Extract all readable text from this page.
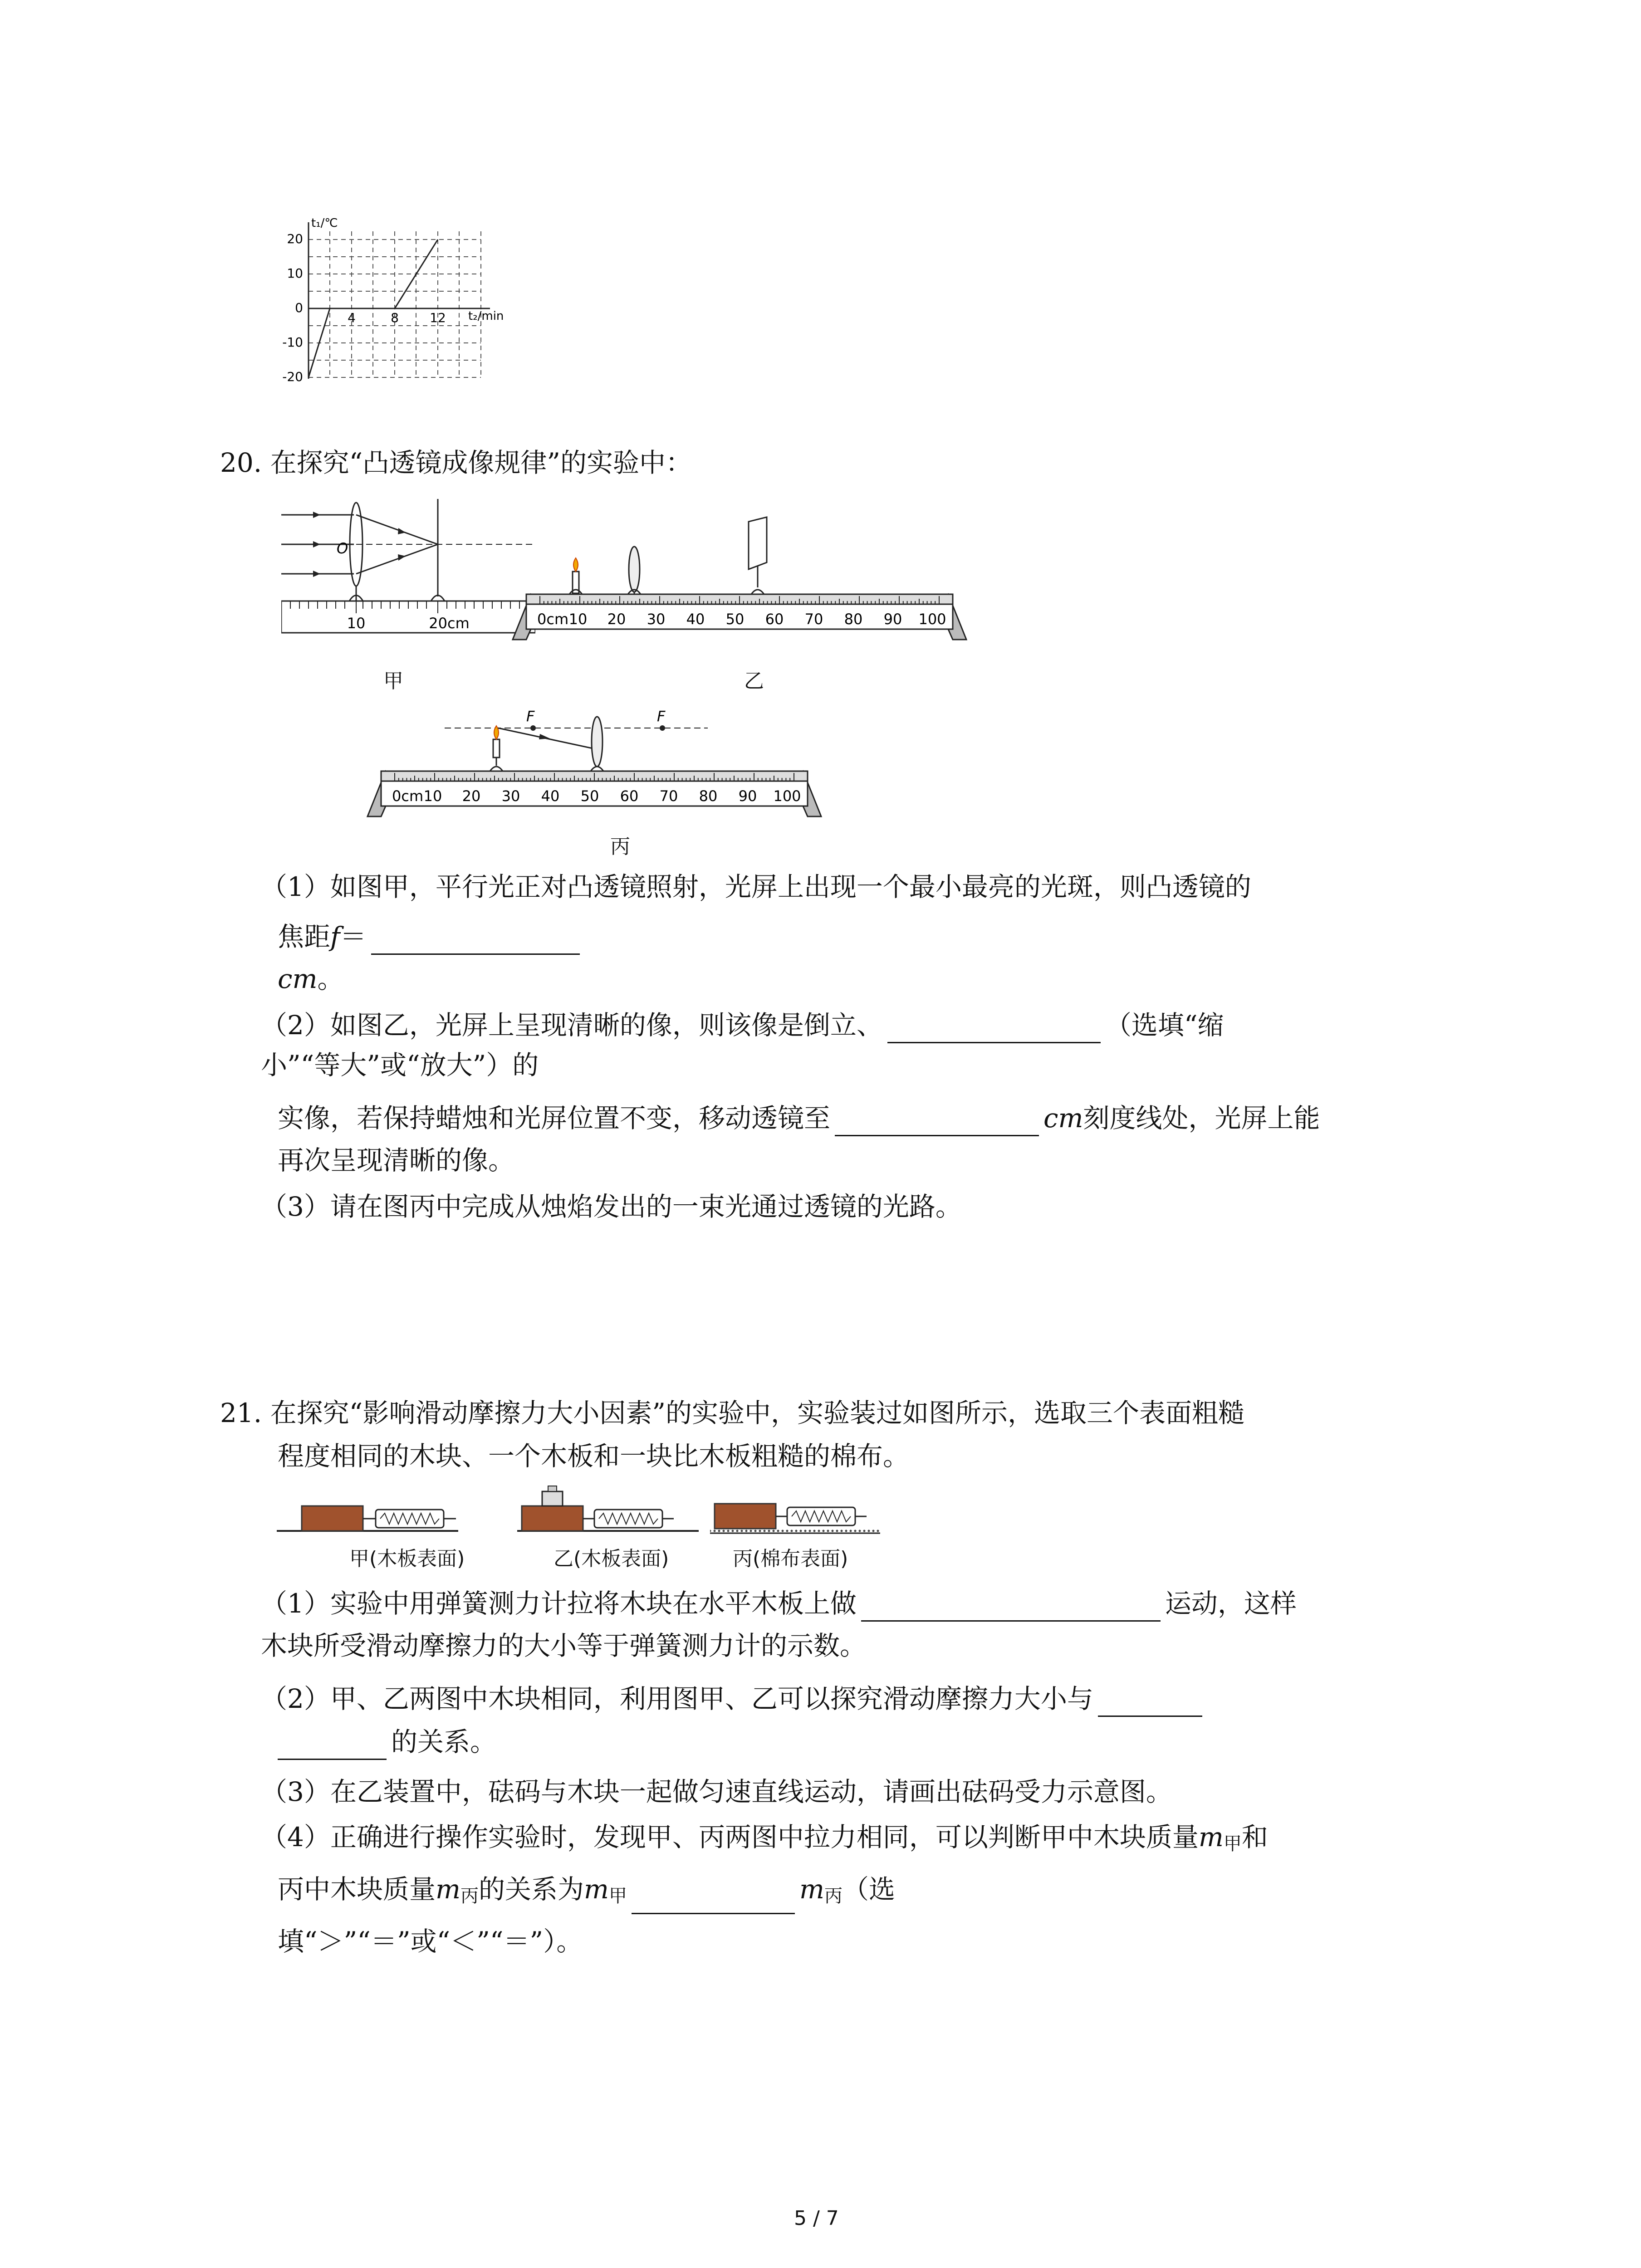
t₁/℃
t₂/min
20
10
0
-10
-20
4	8 12
20. 在探究“凸透镜成像规律”的实验中：
O
10	20cm
甲
0cm 10 20 30 40 50 60 70 80 90 100
乙
F	F
0cm 10 20 30 40 50 60 70 80 90 100
丙
（1）如图甲，平行光正对凸透镜照射，光屏上出现一个最小最亮的光斑，则凸透镜的
焦距f＝
cm。
（2）如图乙，光屏上呈现清晰的像，则该像是倒立、	（选填“缩
小”“等大”或“放大”）的
实像，若保持蜡烛和光屏位置不变，移动透镜至	cm刻度线处，光屏上能
再次呈现清晰的像。
（3）请在图丙中完成从烛焰发出的一束光通过透镜的光路。
21. 在探究“影响滑动摩擦力大小因素”的实验中，实验装过如图所示，选取三个表面粗糙
程度相同的木块、一个木板和一块比木板粗糙的棉布。
甲(木板表面)	乙(木板表面)	丙(棉布表面)
（1）实验中用弹簧测力计拉将木块在水平木板上做	运动，这样
木块所受滑动摩擦力的大小等于弹簧测力计的示数。
（2）甲、乙两图中木块相同，利用图甲、乙可以探究滑动摩擦力大小与
的关系。
（3）在乙装置中，砝码与木块一起做匀速直线运动，请画出砝码受力示意图。
（4）正确进行操作实验时，发现甲、丙两图中拉力相同，可以判断甲中木块质量$m_甲$和
丙中木块质量$m_丙$的关系为$m_甲$	$m_丙$（选
填“＞”“＝”或“＜”“＝”）。
5 / 7
